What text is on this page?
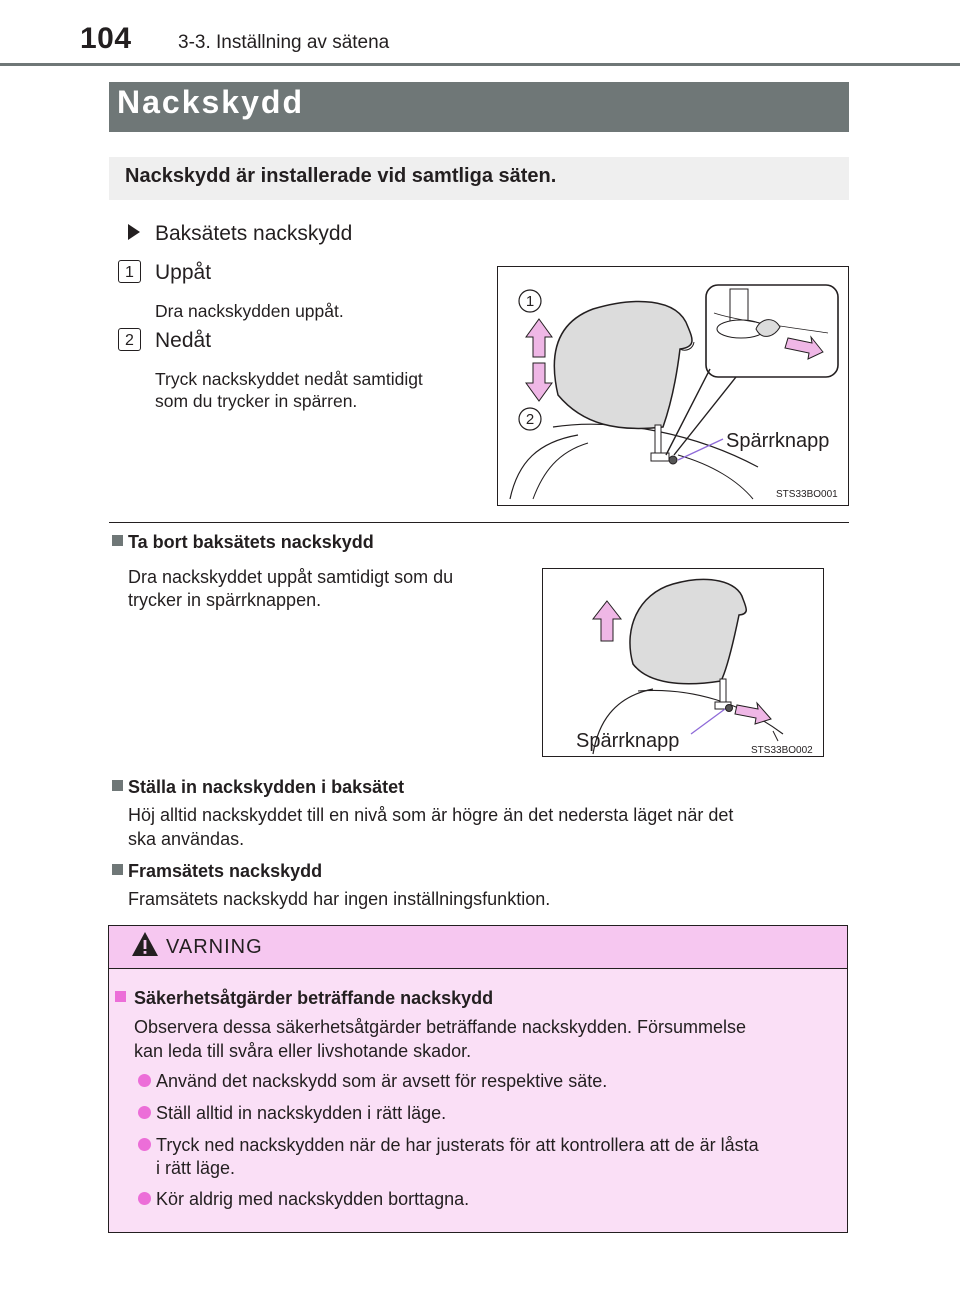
104 3-3. Inställning av sätena
Nackskydd
Nackskydd är installerade vid samtliga säten.
Baksätets nackskydd
1	Uppåt
Dra nackskydden uppåt.
2	Nedåt
Tryck nackskyddet nedåt samtidigt
som du trycker in spärren.
1
2
Spärrknapp
STS33BO001
Ta bort baksätets nackskydd
Dra nackskyddet uppåt samtidigt som du
trycker in spärrknappen.
Spärrknapp	STS33BO002
Ställa in nackskydden i baksätet
Höj alltid nackskyddet till en nivå som är högre än det nedersta läget när det
ska användas.
Framsätets nackskydd
Framsätets nackskydd har ingen inställningsfunktion.
VARNING
Säkerhetsåtgärder beträffande nackskydd
Observera dessa säkerhetsåtgärder beträffande nackskydden. Försummelse
kan leda till svåra eller livshotande skador.
Använd det nackskydd som är avsett för respektive säte.
Ställ alltid in nackskydden i rätt läge.
Tryck ned nackskydden när de har justerats för att kontrollera att de är låsta
i rätt läge.
Kör aldrig med nackskydden borttagna.
